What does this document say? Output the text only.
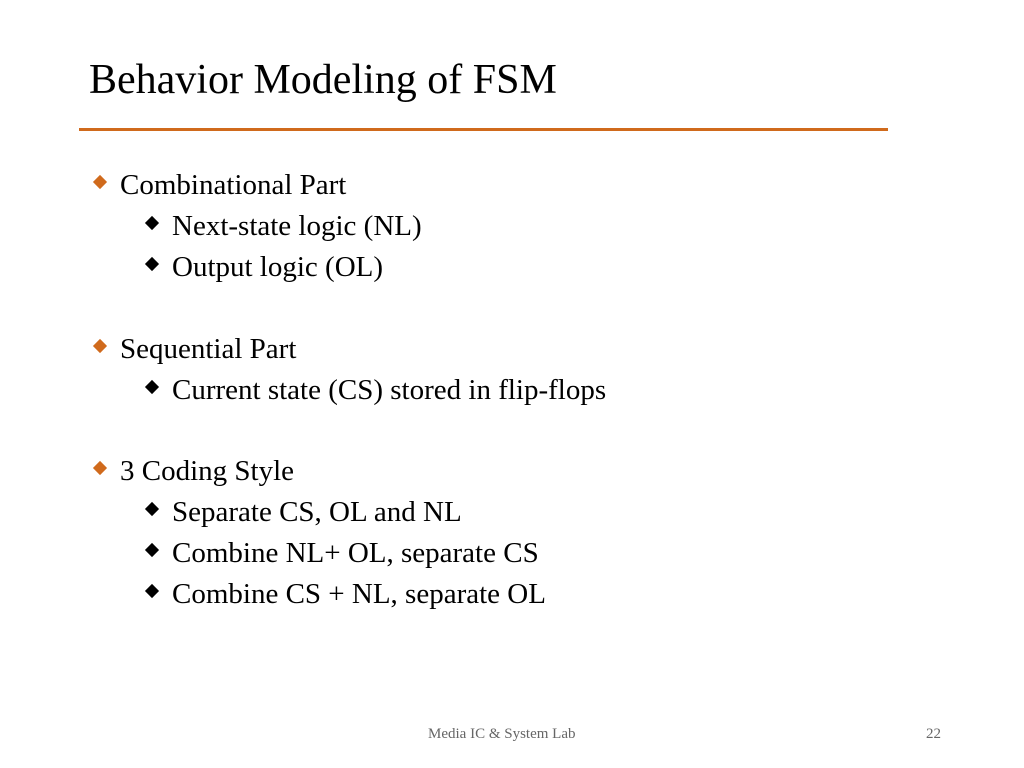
Behavior Modeling of FSM
Combinational Part
Next-state logic (NL)
Output logic (OL)
Sequential Part
Current state (CS) stored in flip-flops
3 Coding Style
Separate CS, OL and NL
Combine NL+ OL, separate CS
Combine CS + NL, separate OL
Media IC & System Lab	22
